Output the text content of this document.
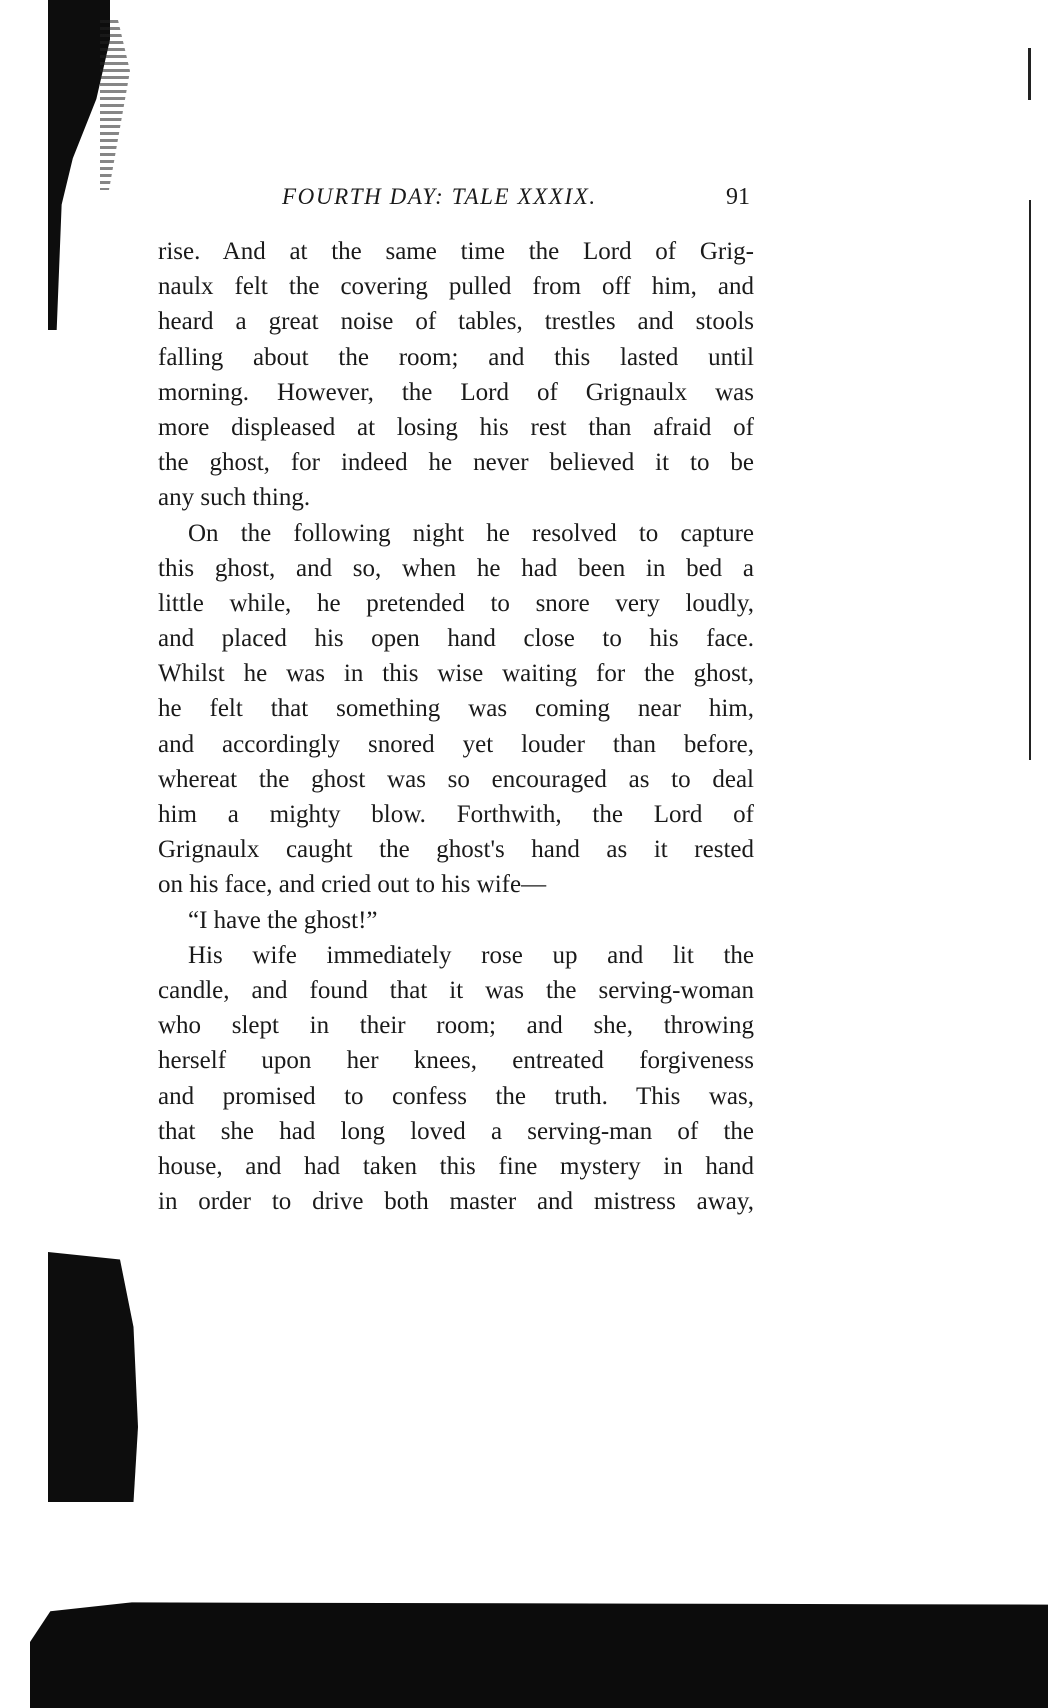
FOURTH DAY: TALE XXXIX.	91
rise. And at the same time the Lord of Grig-
naulx felt the covering pulled from off him, and
heard a great noise of tables, trestles and stools
falling about the room; and this lasted until
morning. However, the Lord of Grignaulx was
more displeased at losing his rest than afraid of
the ghost, for indeed he never believed it to be
any such thing.
On the following night he resolved to capture
this ghost, and so, when he had been in bed a
little while, he pretended to snore very loudly,
and placed his open hand close to his face.
Whilst he was in this wise waiting for the ghost,
he felt that something was coming near him,
and accordingly snored yet louder than before,
whereat the ghost was so encouraged as to deal
him a mighty blow. Forthwith, the Lord of
Grignaulx caught the ghost's hand as it rested
on his face, and cried out to his wife—
“I have the ghost!”
His wife immediately rose up and lit the
candle, and found that it was the serving-woman
who slept in their room; and she, throwing
herself upon her knees, entreated forgiveness
and promised to confess the truth. This was,
that she had long loved a serving-man of the
house, and had taken this fine mystery in hand
in order to drive both master and mistress away,
